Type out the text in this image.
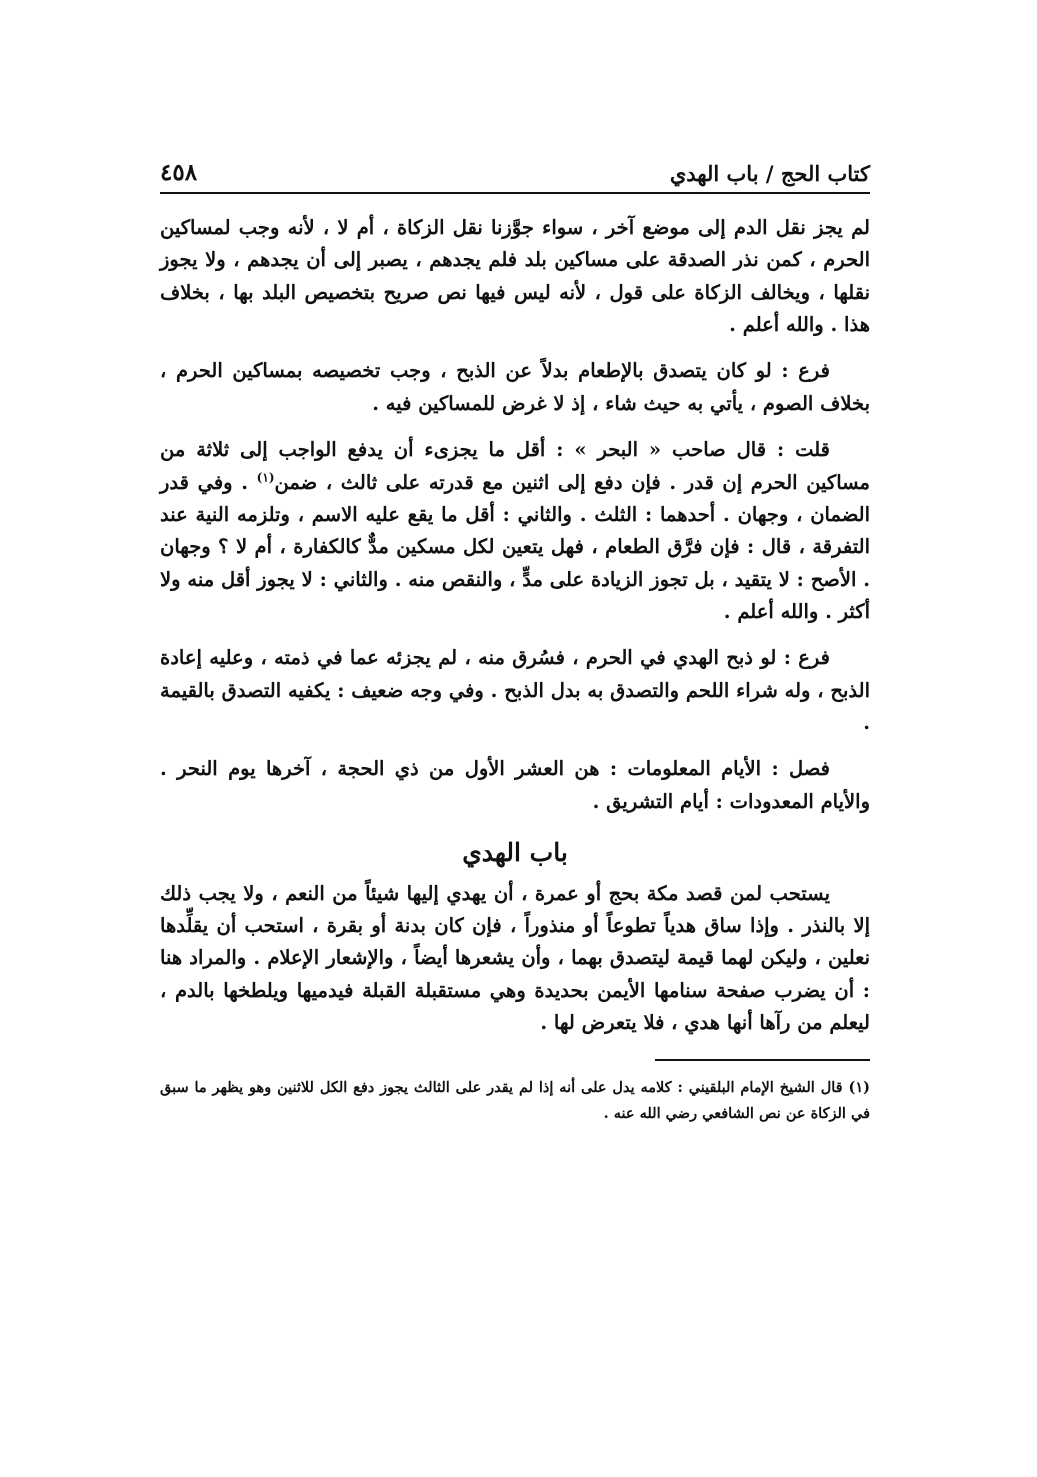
كتاب الحج / باب الهدي
٤٥٨

لم يجز نقل الدم إلى موضع آخر ، سواء جوَّزنا نقل الزكاة ، أم لا ، لأنه وجب لمساكين الحرم ، كمن نذر الصدقة على مساكين بلد فلم يجدهم ، يصبر إلى أن يجدهم ، ولا يجوز نقلها ، ويخالف الزكاة على قول ، لأنه ليس فيها نص صريح بتخصيص البلد بها ، بخلاف هذا . والله أعلم .

فرع : لو كان يتصدق بالإطعام بدلاً عن الذبح ، وجب تخصيصه بمساكين الحرم ، بخلاف الصوم ، يأتي به حيث شاء ، إذ لا غرض للمساكين فيه .

قلت : قال صاحب « البحر » : أقل ما يجزىء أن يدفع الواجب إلى ثلاثة من مساكين الحرم إن قدر . فإن دفع إلى اثنين مع قدرته على ثالث ، ضمن$^{(١)}$ . وفي قدر الضمان ، وجهان . أحدهما : الثلث . والثاني : أقل ما يقع عليه الاسم ، وتلزمه النية عند التفرقة ، قال : فإن فرَّق الطعام ، فهل يتعين لكل مسكين مدٌّ كالكفارة ، أم لا ؟ وجهان . الأصح : لا يتقيد ، بل تجوز الزيادة على مدٍّ ، والنقص منه . والثاني : لا يجوز أقل منه ولا أكثر . والله أعلم .

فرع : لو ذبح الهدي في الحرم ، فسُرق منه ، لم يجزئه عما في ذمته ، وعليه إعادة الذبح ، وله شراء اللحم والتصدق به بدل الذبح . وفي وجه ضعيف : يكفيه التصدق بالقيمة .

فصل : الأيام المعلومات : هن العشر الأول من ذي الحجة ، آخرها يوم النحر . والأيام المعدودات : أيام التشريق .

باب الهدي

يستحب لمن قصد مكة بحج أو عمرة ، أن يهدي إليها شيئاً من النعم ، ولا يجب ذلك إلا بالنذر . وإذا ساق هدياً تطوعاً أو منذوراً ، فإن كان بدنة أو بقرة ، استحب أن يقلِّدها نعلين ، وليكن لهما قيمة ليتصدق بهما ، وأن يشعرها أيضاً ، والإشعار الإعلام . والمراد هنا : أن يضرب صفحة سنامها الأيمن بحديدة وهي مستقبلة القبلة فيدميها ويلطخها بالدم ، ليعلم من رآها أنها هدي ، فلا يتعرض لها .

(١) قال الشيخ الإمام البلقيني : كلامه يدل على أنه إذا لم يقدر على الثالث يجوز دفع الكل للاثنين وهو يظهر ما سبق في الزكاة عن نص الشافعي رضي الله عنه .
